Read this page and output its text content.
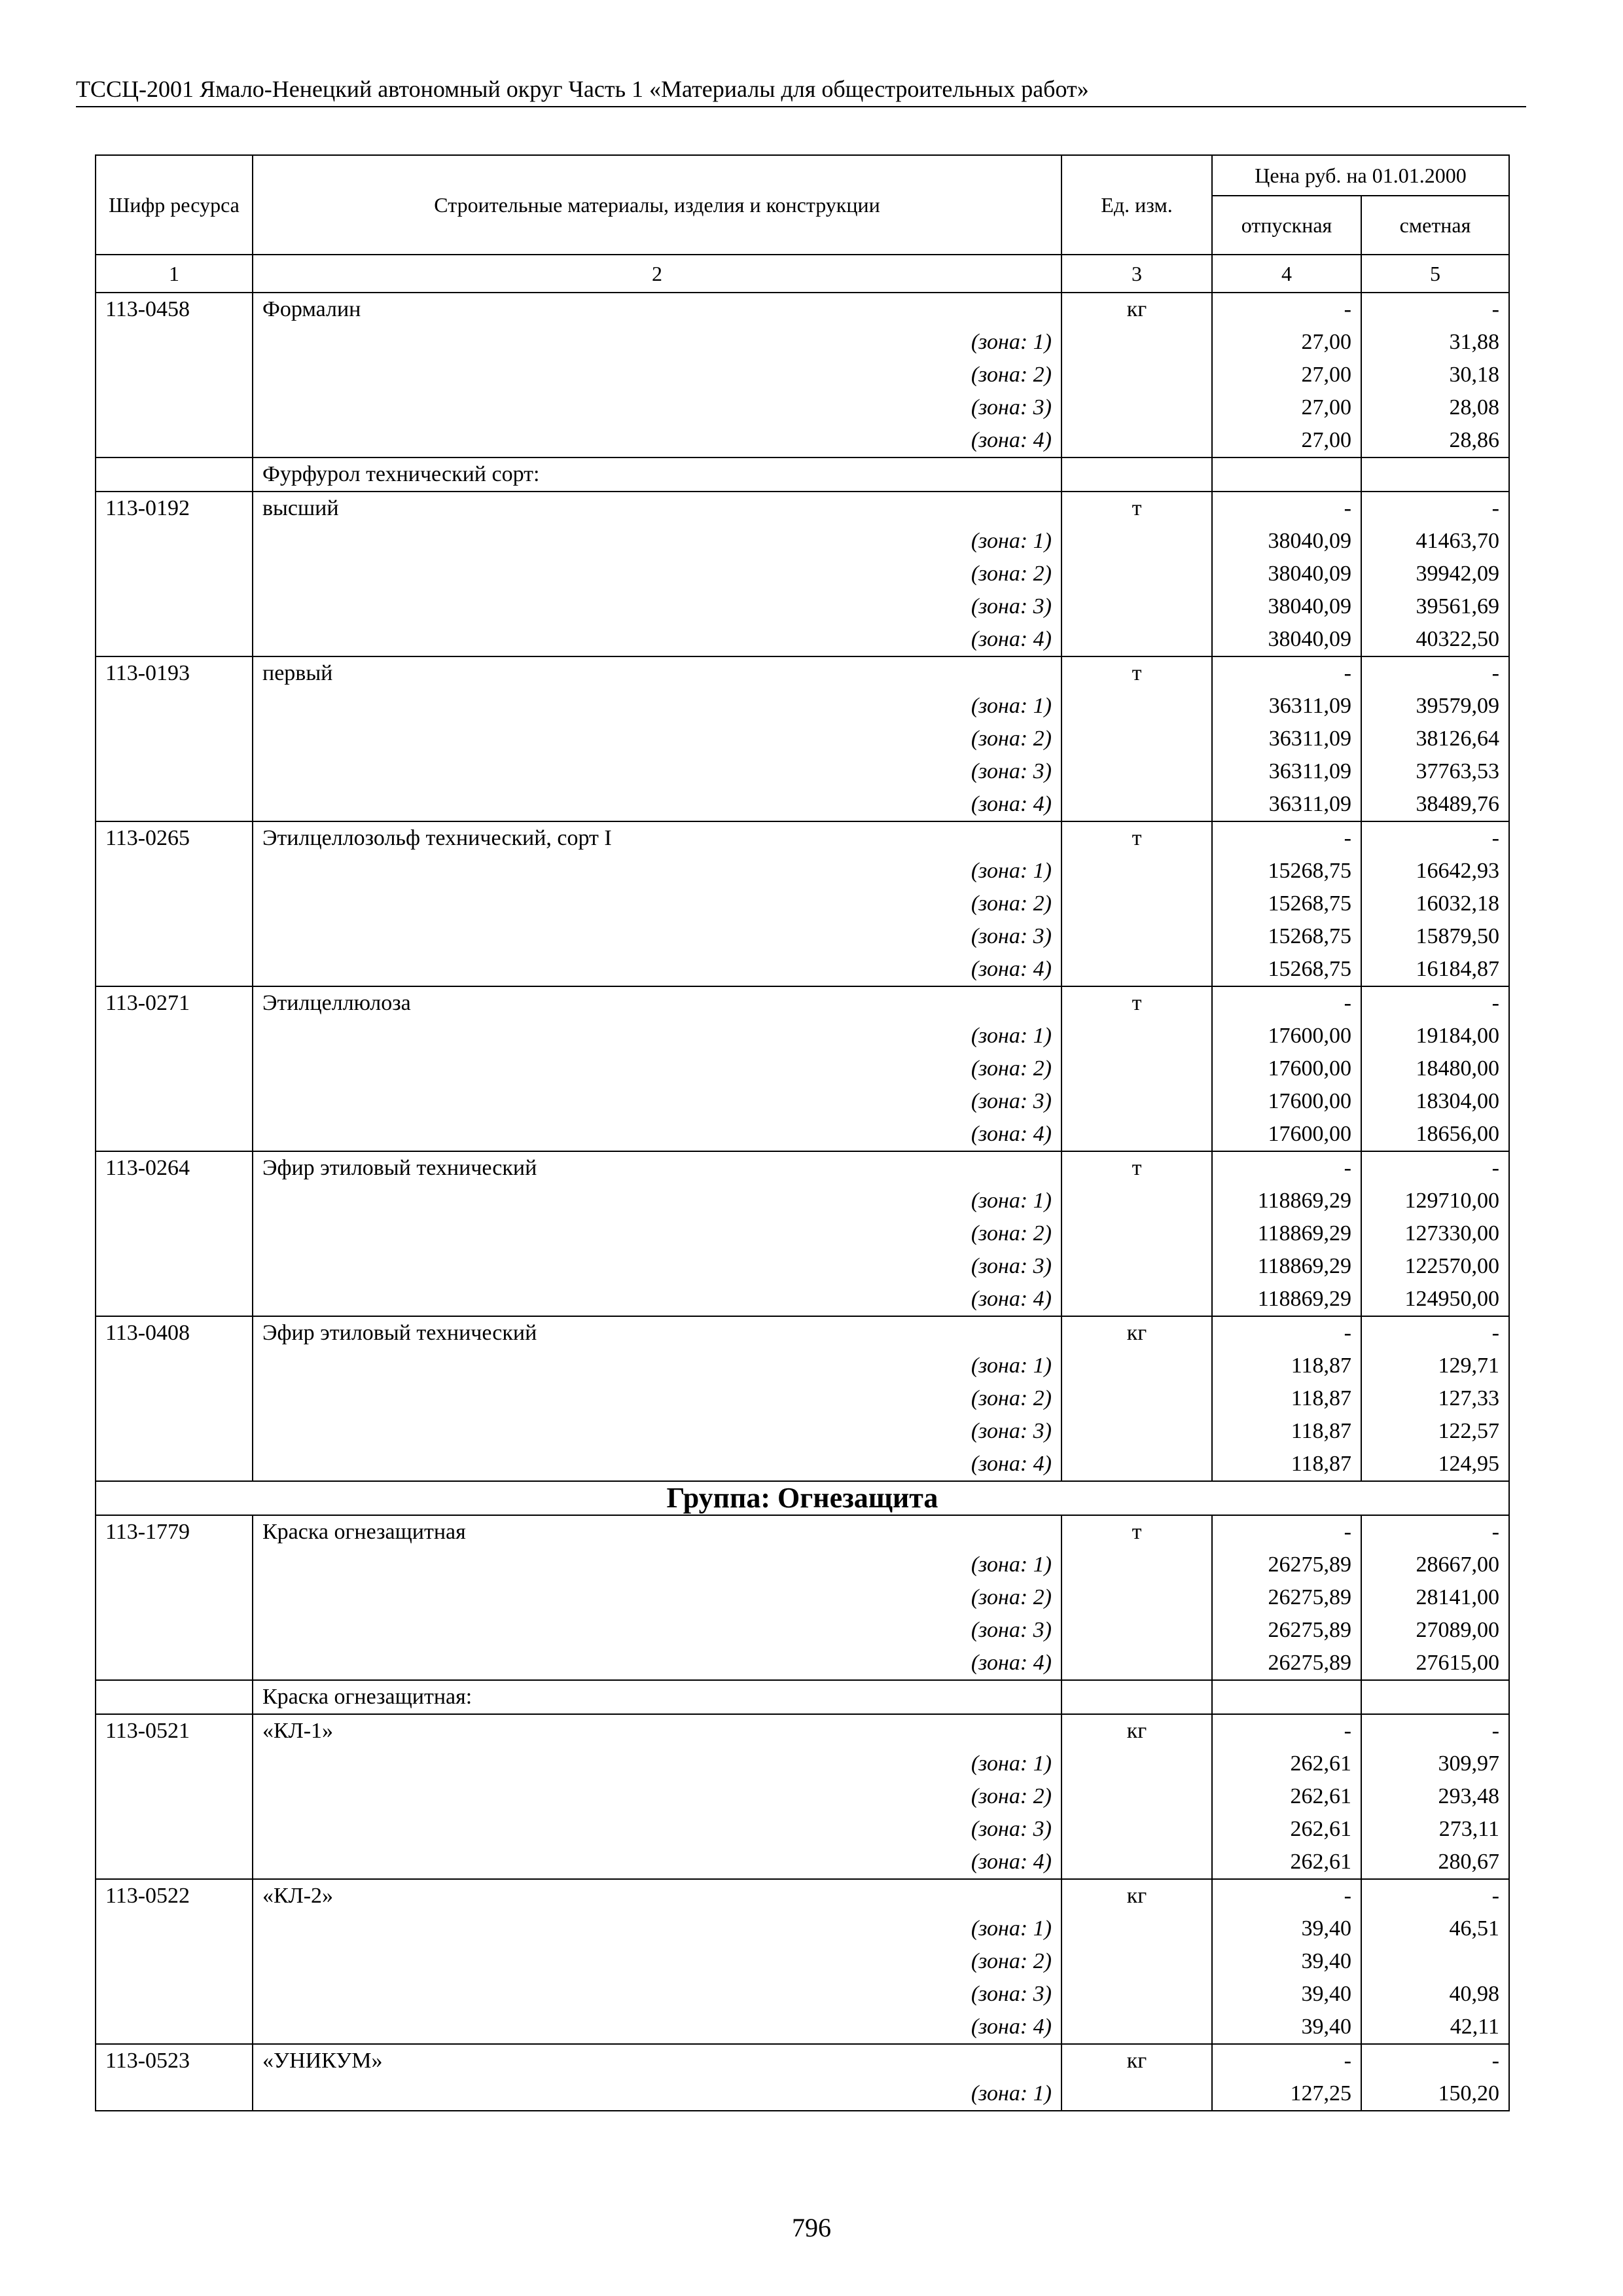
ТССЦ-2001 Ямало-Ненецкий автономный округ Часть 1 «Материалы для общестроительных работ»
Шифр ресурса	Строительные материалы, изделия и конструкции	Ед. изм.	Цена руб. на 01.01.2000	
			отпускная	сметная
1	2	3	4	5
113-0458	Формалин	кг	-	-
	(зона: 1)		27,00	31,88
	(зона: 2)		27,00	30,18
	(зона: 3)		27,00	28,08
	(зона: 4)		27,00	28,86
	Фурфурол технический сорт:			
113-0192	высший	т	-	-
	(зона: 1)		38040,09	41463,70
	(зона: 2)		38040,09	39942,09
	(зона: 3)		38040,09	39561,69
	(зона: 4)		38040,09	40322,50
113-0193	первый	т	-	-
	(зона: 1)		36311,09	39579,09
	(зона: 2)		36311,09	38126,64
	(зона: 3)		36311,09	37763,53
	(зона: 4)		36311,09	38489,76
113-0265	Этилцеллозольф технический, сорт I	т	-	-
	(зона: 1)		15268,75	16642,93
	(зона: 2)		15268,75	16032,18
	(зона: 3)		15268,75	15879,50
	(зона: 4)		15268,75	16184,87
113-0271	Этилцеллюлоза	т	-	-
	(зона: 1)		17600,00	19184,00
	(зона: 2)		17600,00	18480,00
	(зона: 3)		17600,00	18304,00
	(зона: 4)		17600,00	18656,00
113-0264	Эфир этиловый технический	т	-	-
	(зона: 1)		118869,29	129710,00
	(зона: 2)		118869,29	127330,00
	(зона: 3)		118869,29	122570,00
	(зона: 4)		118869,29	124950,00
113-0408	Эфир этиловый технический	кг	-	-
	(зона: 1)		118,87	129,71
	(зона: 2)		118,87	127,33
	(зона: 3)		118,87	122,57
	(зона: 4)		118,87	124,95
Группа: Огнезащита				
113-1779	Краска огнезащитная	т	-	-
	(зона: 1)		26275,89	28667,00
	(зона: 2)		26275,89	28141,00
	(зона: 3)		26275,89	27089,00
	(зона: 4)		26275,89	27615,00
	Краска огнезащитная:			
113-0521	«КЛ-1»	кг	-	-
	(зона: 1)		262,61	309,97
	(зона: 2)		262,61	293,48
	(зона: 3)		262,61	273,11
	(зона: 4)		262,61	280,67
113-0522	«КЛ-2»	кг	-	-
	(зона: 1)		39,40	46,51
	(зона: 2)		39,40	
	(зона: 3)		39,40	40,98
	(зона: 4)		39,40	42,11
113-0523	«УНИКУМ»	кг	-	-
	(зона: 1)		127,25	150,20
796
